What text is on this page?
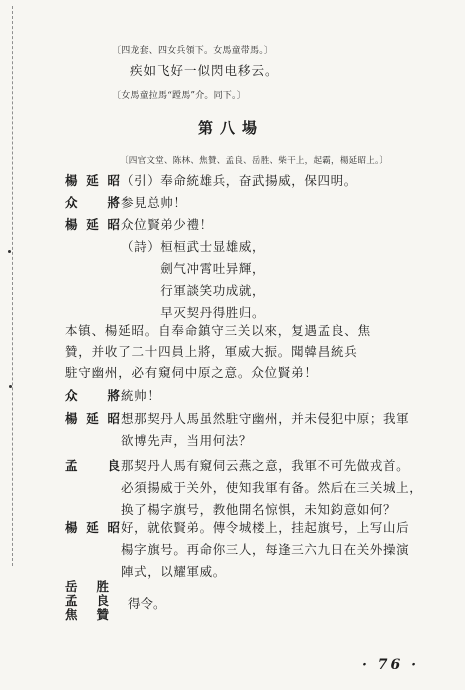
〔四龙套、四女兵領下。女馬童带馬。〕
疾如飞好一似閃电移云。
〔女馬童拉馬“蹚馬”介。同下。〕
第八場
〔四官文堂、陈林、焦贊、孟良、岳胜、柴干上，起霸，楊延昭上。〕
楊延昭 （引）奉命統雄兵，奋武揚威，保四明。
众　將 参見总帅！
楊延昭 众位賢弟少禮！
（詩）桓桓武士显雄威，
　　　劍气冲霄吐异輝，
　　　行軍談笑功成就，
　　　早灭契丹得胜归。
本镇、楊延昭。自奉命鎮守三关以來，复遇孟良、焦
贊，并收了二十四員上將，軍威大振。聞韓昌統兵
駐守幽州，必有窺伺中原之意。众位賢弟！
众　將 統帅！
楊延昭 想那契丹人馬虽然駐守幽州，并未侵犯中原；我軍
欲博先声，当用何法？
孟　良 那契丹人馬有窺伺云燕之意，我軍不可先做戎首。
必須揚威于关外，使知我軍有备。然后在三关城上，
换了楊字旗号，教他開名惊惧，未知鈞意如何？
楊延昭 好，就依賢弟。傳令城楼上，挂起旗号，上写山后
楊字旗号。再命你三人，每逢三六九日在关外操演
陣式，以耀軍威。
岳　胜
孟　良
焦　贊
得令。
· 76 ·
